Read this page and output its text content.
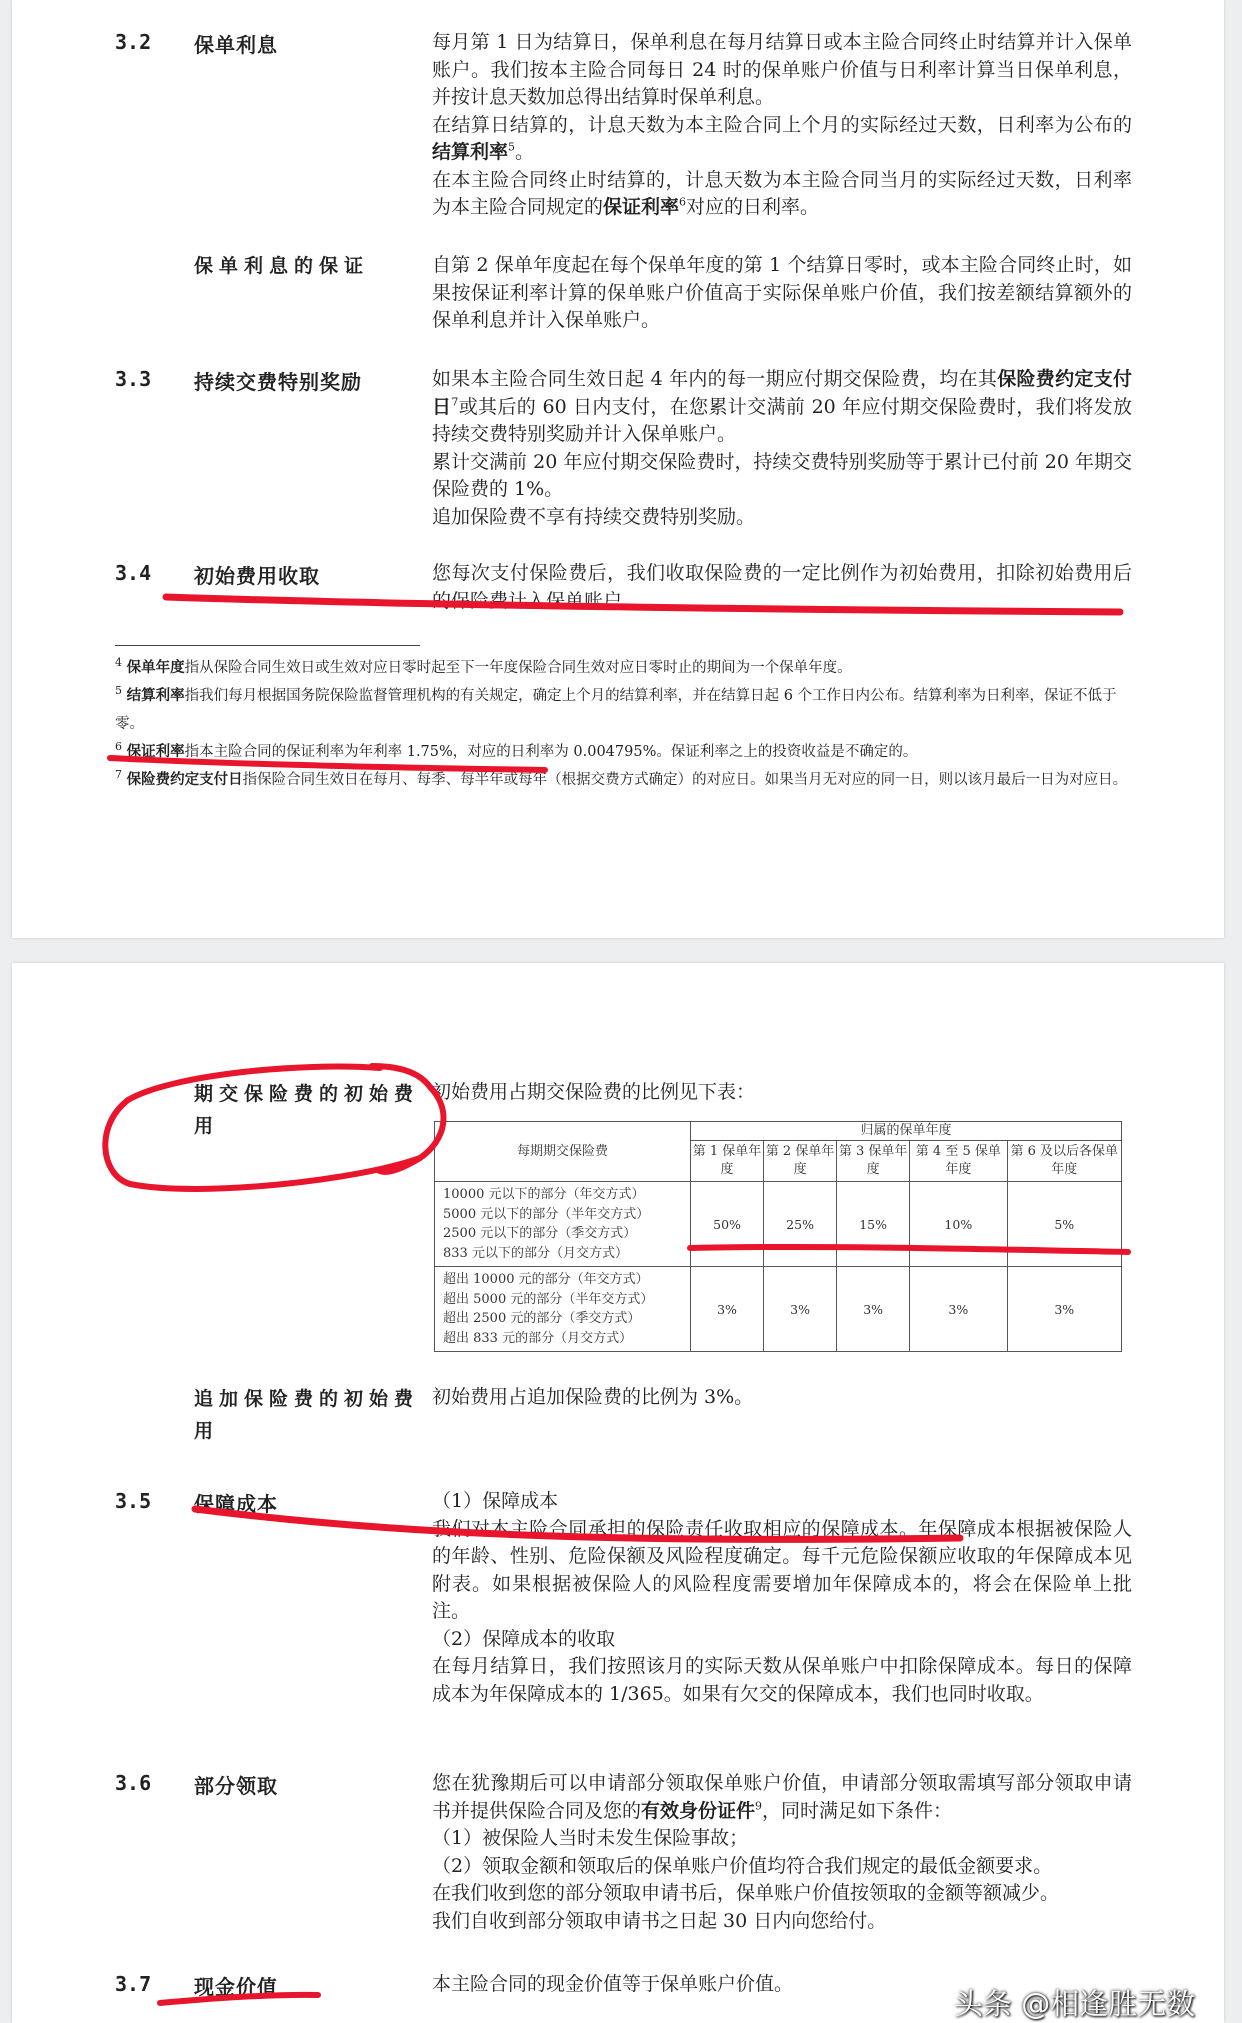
3.2 保单利息	每月第 1 日为结算日，保单利息在每月结算日或本主险合同终止时结算并计入保单账户。我们按本主险合同每日 24 时的保单账户价值与日利率计算当日保单利息，并按计息天数加总得出结算时保单利息。
在结算日结算的，计息天数为本主险合同上个月的实际经过天数，日利率为公布的结算利率$^5$。
在本主险合同终止时结算的，计息天数为本主险合同当月的实际经过天数，日利率为本主险合同规定的保证利率$^6$对应的日利率。
保单利息的保证	自第 2 保单年度起在每个保单年度的第 1 个结算日零时，或本主险合同终止时，如果按保证利率计算的保单账户价值高于实际保单账户价值，我们按差额结算额外的保单利息并计入保单账户。
3.3 持续交费特别奖励	如果本主险合同生效日起 4 年内的每一期应付期交保险费，均在其保险费约定支付日$^7$或其后的 60 日内支付，在您累计交满前 20 年应付期交保险费时，我们将发放持续交费特别奖励并计入保单账户。
累计交满前 20 年应付期交保险费时，持续交费特别奖励等于累计已付前 20 年期交保险费的 1%。
追加保险费不享有持续交费特别奖励。
3.4 初始费用收取	您每次支付保险费后，我们收取保险费的一定比例作为初始费用，扣除初始费用后的保险费计入保单账户。
$^4$ 保单年度指从保险合同生效日或生效对应日零时起至下一年度保险合同生效对应日零时止的期间为一个保单年度。
$^5$ 结算利率指我们每月根据国务院保险监督管理机构的有关规定，确定上个月的结算利率，并在结算日起 6 个工作日内公布。结算利率为日利率，保证不低于零。
$^6$ 保证利率指本主险合同的保证利率为年利率 1.75%，对应的日利率为 0.004795%。保证利率之上的投资收益是不确定的。
$^7$ 保险费约定支付日指保险合同生效日在每月、每季、每半年或每年（根据交费方式确定）的对应日。如果当月无对应的同一日，则以该月最后一日为对应日。
期交保险费的初始费用
初始费用占期交保险费的比例见下表：
每期期交保险费	归属的保单年度				
	第 1 保单年度	第 2 保单年度	第 3 保单年度	第 4 至 5 保单年度	第 6 及以后各保单年度

10000 元以下的部分（年交方式）
5000 元以下的部分（半年交方式）
2500 元以下的部分（季交方式）
833 元以下的部分（月交方式）	50%	25%	15%	10%	5%

超出 10000 元的部分（年交方式）
超出 5000 元的部分（半年交方式）
超出 2500 元的部分（季交方式）
超出 833 元的部分（月交方式）	3%	3%	3%	3%	3%
追加保险费的初始费用
初始费用占追加保险费的比例为 3%。
3.5 保障成本	（1）保障成本
我们对本主险合同承担的保险责任收取相应的保障成本。年保障成本根据被保险人的年龄、性别、危险保额及风险程度确定。每千元危险保额应收取的年保障成本见附表。如果根据被保险人的风险程度需要增加年保障成本的，将会在保险单上批注。
（2）保障成本的收取
在每月结算日，我们按照该月的实际天数从保单账户中扣除保障成本。每日的保障成本为年保障成本的 1/365。如果有欠交的保障成本，我们也同时收取。
3.6 部分领取	您在犹豫期后可以申请部分领取保单账户价值，申请部分领取需填写部分领取申请书并提供保险合同及您的有效身份证件$^9$，同时满足如下条件：
（1）被保险人当时未发生保险事故；
（2）领取金额和领取后的保单账户价值均符合我们规定的最低金额要求。
在我们收到您的部分领取申请书后，保单账户价值按领取的金额等额减少。
我们自收到部分领取申请书之日起 30 日内向您给付。
3.7 现金价值	本主险合同的现金价值等于保单账户价值。
头条 @相逢胜无数
